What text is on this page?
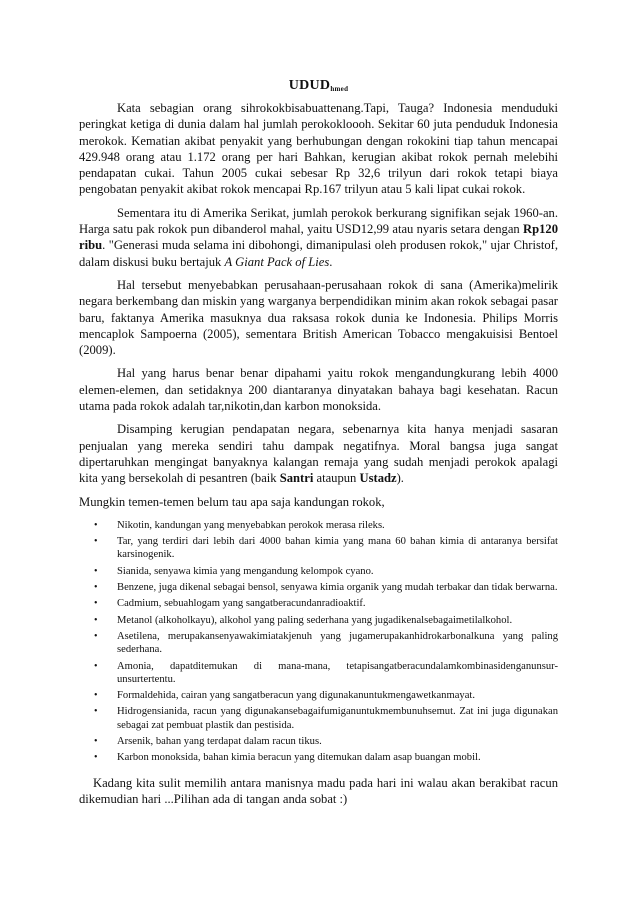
$UDUD_{hmed}$

Kata sebagian orang sihrokokbisabuattenang.Tapi, Tauga? Indonesia menduduki peringkat ketiga di dunia dalam hal jumlah perokokloooh. Sekitar 60 juta penduduk Indonesia merokok. Kematian akibat penyakit yang berhubungan dengan rokokini tiap tahun mencapai 429.948 orang atau 1.172 orang per hari Bahkan, kerugian akibat rokok pernah melebihi pendapatan cukai. Tahun 2005 cukai sebesar Rp 32,6 trilyun dari rokok tetapi biaya pengobatan penyakit akibat rokok mencapai Rp.167 trilyun atau 5 kali lipat cukai rokok.

Sementara itu di Amerika Serikat, jumlah perokok berkurang signifikan sejak 1960-an. Harga satu pak rokok pun dibanderol mahal, yaitu USD12,99 atau nyaris setara dengan Rp120 ribu. "Generasi muda selama ini dibohongi, dimanipulasi oleh produsen rokok," ujar Christof, dalam diskusi buku bertajuk A Giant Pack of Lies.

Hal tersebut menyebabkan perusahaan-perusahaan rokok di sana (Amerika)melirik negara berkembang dan miskin yang warganya berpendidikan minim akan rokok sebagai pasar baru, faktanya Amerika masuknya dua raksasa rokok dunia ke Indonesia. Philips Morris mencaplok Sampoerna (2005), sementara British American Tobacco mengakuisisi Bentoel (2009).

Hal yang harus benar benar dipahami yaitu rokok mengandungkurang lebih 4000 elemen-elemen, dan setidaknya 200 diantaranya dinyatakan bahaya bagi kesehatan. Racun utama pada rokok adalah tar,nikotin,dan karbon monoksida.

Disamping kerugian pendapatan negara, sebenarnya kita hanya menjadi sasaran penjualan yang mereka sendiri tahu dampak negatifnya. Moral bangsa juga sangat dipertaruhkan mengingat banyaknya kalangan remaja yang sudah menjadi perokok apalagi kita yang bersekolah di pesantren (baik Santri ataupun Ustadz).

Mungkin temen-temen belum tau apa saja kandungan rokok,

• Nikotin, kandungan yang menyebabkan perokok merasa rileks.
• Tar, yang terdiri dari lebih dari 4000 bahan kimia yang mana 60 bahan kimia di antaranya bersifat karsinogenik.
• Sianida, senyawa kimia yang mengandung kelompok cyano.
• Benzene, juga dikenal sebagai bensol, senyawa kimia organik yang mudah terbakar dan tidak berwarna.
• Cadmium, sebuahlogam yang sangatberacundanradioaktif.
• Metanol (alkoholkayu), alkohol yang paling sederhana yang jugadikenalsebagaimetilalkohol.
• Asetilena, merupakansenyawakimiatakjenuh yang jugamerupakanhidrokarbonalkuna yang paling sederhana.
• Amonia, dapatditemukan di mana-mana, tetapisangatberacundalamkombinasidenganunsur-unsurtertentu.
• Formaldehida, cairan yang sangatberacun yang digunakanuntukmengawetkanmayat.
• Hidrogensianida, racun yang digunakansebagaifumiganuntukmembunuhsemut. Zat ini juga digunakan sebagai zat pembuat plastik dan pestisida.
• Arsenik, bahan yang terdapat dalam racun tikus.
• Karbon monoksida, bahan kimia beracun yang ditemukan dalam asap buangan mobil.

Kadang kita sulit memilih antara manisnya madu pada hari ini walau akan berakibat racun dikemudian hari ...Pilihan ada di tangan anda sobat :)
